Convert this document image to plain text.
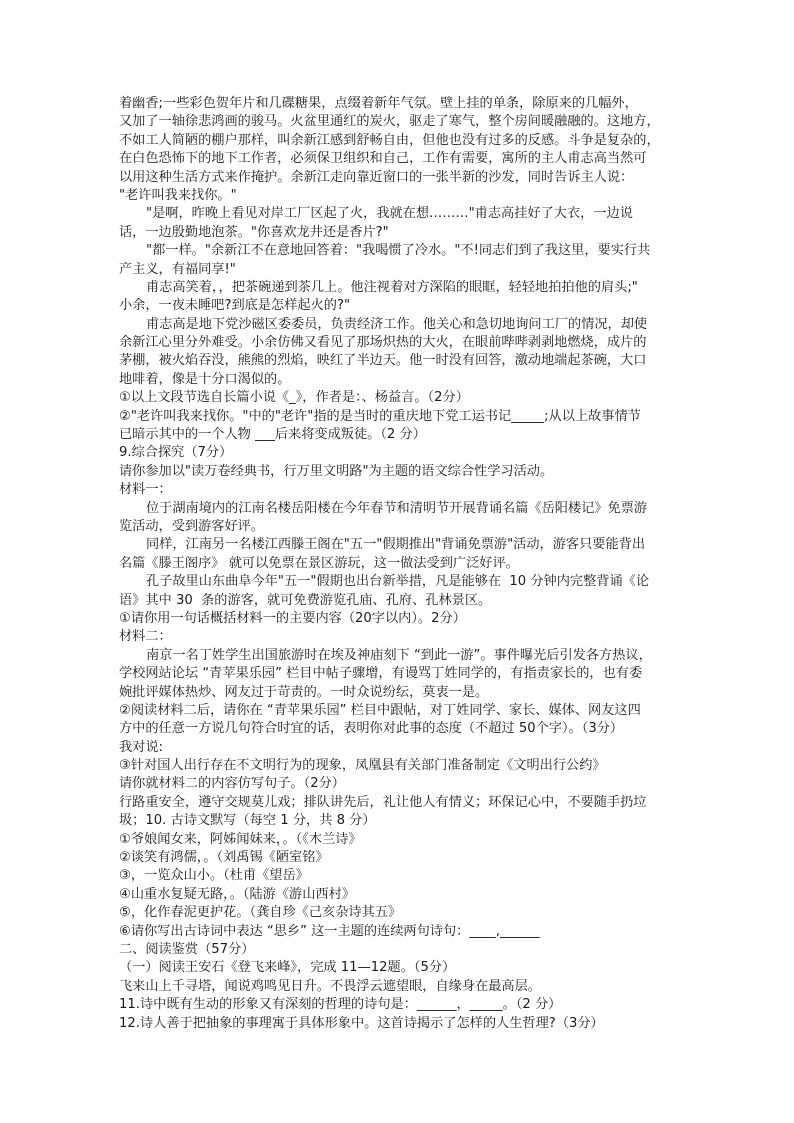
着幽香;一些彩色贺年片和几碟糖果，点缀着新年气氛。壁上挂的单条，除原来的几幅外，
又加了一轴徐悲鸿画的骏马。火盆里通红的炭火，驱走了寒气，整个房间暖融融的。这地方，
不如工人简陋的棚户那样，叫余新江感到舒畅自由，但他也没有过多的反感。斗争是复杂的，
在白色恐怖下的地下工作者，必须保卫组织和自己，工作有需要，寓所的主人甫志高当然可
以用这种生活方式来作掩护。余新江走向靠近窗口的一张半新的沙发，同时告诉主人说：
"老许叫我来找你。"
"是啊，昨晚上看见对岸工厂区起了火，我就在想………"甫志高挂好了大衣，一边说
话，一边殷勤地泡茶。"你喜欢龙井还是香片?"
"都一样。"余新江不在意地回答着："我喝惯了冷水。"不!同志们到了我这里，要实行共
产主义，有福同享!"
甫志高笑着，，把茶碗递到茶几上。他注视着对方深陷的眼眶，轻轻地拍拍他的肩头;"
小余，一夜未睡吧?到底是怎样起火的?"
甫志高是地下党沙磁区委委员，负责经济工作。他关心和急切地询问工厂的情况，却使
余新江心里分外难受。小余仿佛又看见了那场炽热的大火，在眼前哔哔剥剥地燃烧，成片的
茅棚，被火焰吞没，熊熊的烈焰，映红了半边天。他一时没有回答，激动地端起茶碗，大口
地啡着，像是十分口渴似的。
①以上文段节选自长篇小说《_》，作者是：、杨益言。（2分）
②"老许叫我来找你。"中的"老许"指的是当时的重庆地下党工运书记_____;从以上故事情节
已暗示其中的一个人物 ___后来将变成叛徒。（2 分）
9.综合探究（7分）
请你参加以"读万卷经典书，行万里文明路"为主题的语文综合性学习活动。
材料一：
位于湖南境内的江南名楼岳阳楼在今年春节和清明节开展背诵名篇《岳阳楼记》免票游
览活动，受到游客好评。
同样，江南另一名楼江西滕王阁在"五一"假期推出"背诵免票游"活动，游客只要能背出
名篇《滕王阁序》 就可以免票在景区游玩，这一做法受到广泛好评。
孔子故里山东曲阜今年"五一"假期也出台新举措，凡是能够在  10 分钟内完整背诵《论
语》其中 30  条的游客，就可免费游览孔庙、孔府、孔林景区。
①请你用一句话概括材料一的主要内容（20字以内）。2分）
材料二：
南京一名丁姓学生出国旅游时在埃及神庙刻下 “到此一游”。事件曝光后引发各方热议，
学校网站论坛 “青苹果乐园” 栏目中帖子骤增，有谩骂丁姓同学的，有指责家长的，也有委
婉批评媒体热炒、网友过于苛责的。一时众说纷纭，莫衷一是。
②阅读材料二后，请你在 “青苹果乐园” 栏目中跟帖，对丁姓同学、家长、媒体、网友这四
方中的任意一方说几句符合时宜的话，表明你对此事的态度（不超过 50个字）。（3分）
我对说:
③针对国人出行存在不文明行为的现象，凤凰县有关部门准备制定《文明出行公约》
请你就材料二的内容仿写句子。（2分）
行路重安全，遵守交规莫儿戏；排队讲先后，礼让他人有情义；环保记心中，不要随手扔垃
圾；10. 古诗文默写（每空 1 分，共 8 分）
①爷娘闻女来，阿姊闻妹来，。（《木兰诗》
②谈笑有鸿儒，。（刘禹锡《陋室铭》
③，一览众山小。（杜甫《望岳》
④山重水复疑无路，。（陆游《游山西村》
⑤，化作春泥更护花。（龚自珍《己亥杂诗其五》
⑥请你写出古诗词中表达 “思乡” 这一主题的连续两句诗句：____,______
二、阅读鉴赏（57分）
（一）阅读王安石《登飞来峰》，完成 11—12题。（5分）
飞来山上千寻塔，闻说鸡鸣见日升。不畏浮云遮望眼，自缘身在最高层。
11.诗中既有生动的形象又有深刻的哲理的诗句是：______，_____。（2 分）
12.诗人善于把抽象的事理寓于具体形象中。这首诗揭示了怎样的人生哲理?（3分）
